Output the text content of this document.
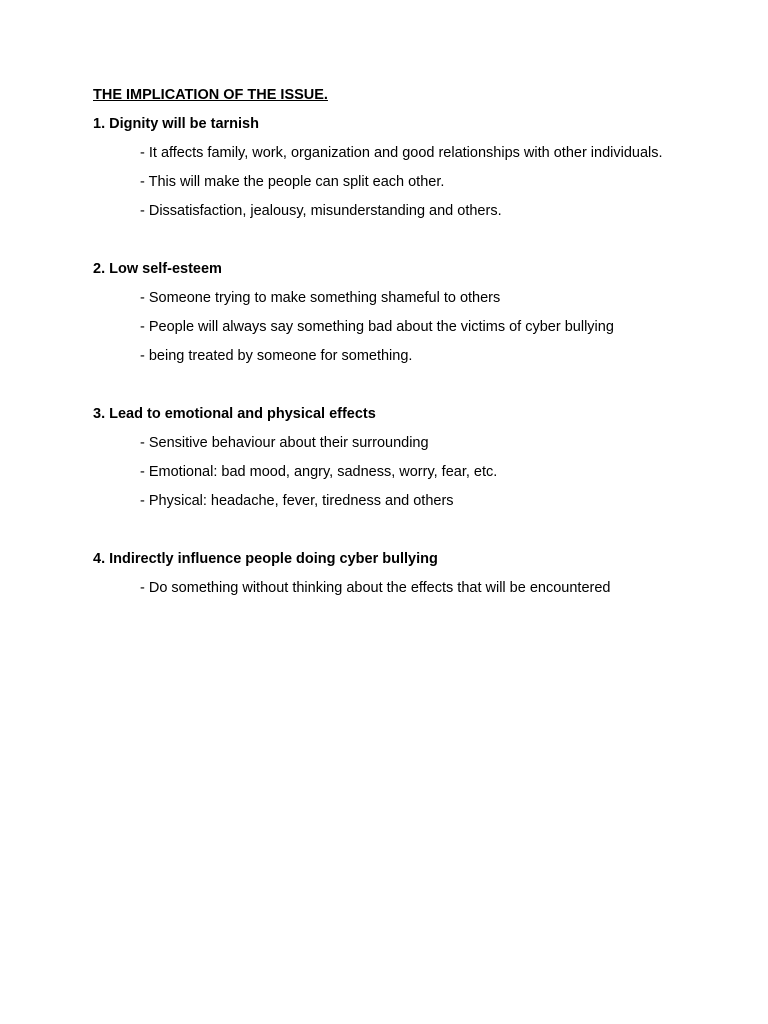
THE IMPLICATION OF THE ISSUE.
1. Dignity will be tarnish
- It affects family, work, organization and good relationships with other individuals.
- This will make the people can split each other.
- Dissatisfaction, jealousy, misunderstanding and others.
2. Low self-esteem
- Someone trying to make something shameful to others
- People will always say something bad about the victims of cyber bullying
- being treated by someone for something.
3. Lead to emotional and physical effects
- Sensitive behaviour about their surrounding
- Emotional: bad mood, angry, sadness, worry, fear, etc.
- Physical: headache, fever, tiredness and others
4. Indirectly influence people doing cyber bullying
- Do something without thinking about the effects that will be encountered
